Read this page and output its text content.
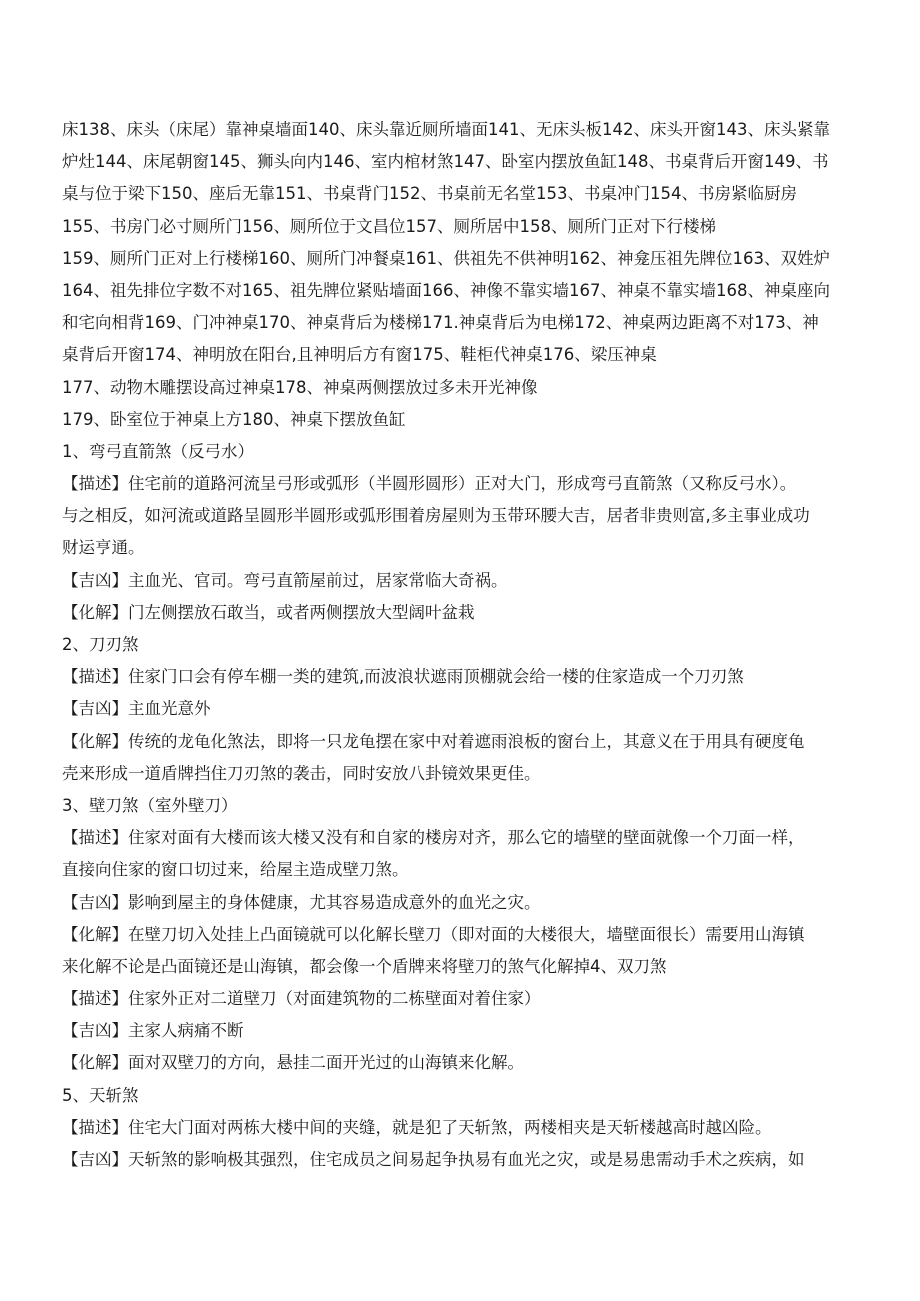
床138、床头（床尾）靠神桌墙面140、床头靠近厕所墙面141、无床头板142、床头开窗143、床头紧靠
炉灶144、床尾朝窗145、狮头向内146、室内棺材煞147、卧室内摆放鱼缸148、书桌背后开窗149、书
桌与位于梁下150、座后无靠151、书桌背门152、书桌前无名堂153、书桌冲门154、书房紧临厨房
155、书房门必寸厕所门156、厕所位于文昌位157、厕所居中158、厕所门正对下行楼梯
159、厕所门正对上行楼梯160、厕所门冲餐桌161、供祖先不供神明162、神龛压祖先牌位163、双姓炉
164、祖先排位字数不对165、祖先牌位紧贴墙面166、神像不靠实墙167、神桌不靠实墙168、神桌座向
和宅向相背169、门冲神桌170、神桌背后为楼梯171.神桌背后为电梯172、神桌两边距离不对173、神
桌背后开窗174、神明放在阳台,且神明后方有窗175、鞋柜代神桌176、梁压神桌
177、动物木雕摆设高过神桌178、神桌两侧摆放过多未开光神像
179、卧室位于神桌上方180、神桌下摆放鱼缸
1、弯弓直箭煞（反弓水）
【描述】住宅前的道路河流呈弓形或弧形（半圆形圆形）正对大门，形成弯弓直箭煞（又称反弓水）。
与之相反，如河流或道路呈圆形半圆形或弧形围着房屋则为玉带环腰大吉，居者非贵则富,多主事业成功
财运亨通。
【吉凶】主血光、官司。弯弓直箭屋前过，居家常临大奇祸。
【化解】门左侧摆放石敢当，或者两侧摆放大型阔叶盆栽
2、刀刃煞
【描述】住家门口会有停车棚一类的建筑,而波浪状遮雨顶棚就会给一楼的住家造成一个刀刃煞
【吉凶】主血光意外
【化解】传统的龙龟化煞法，即将一只龙龟摆在家中对着遮雨浪板的窗台上，其意义在于用具有硬度龟
壳来形成一道盾牌挡住刀刃煞的袭击，同时安放八卦镜效果更佳。
3、壁刀煞（室外壁刀）
【描述】住家对面有大楼而该大楼又没有和自家的楼房对齐，那么它的墙壁的壁面就像一个刀面一样，
直接向住家的窗口切过来，给屋主造成壁刀煞。
【吉凶】影响到屋主的身体健康，尤其容易造成意外的血光之灾。
【化解】在壁刀切入处挂上凸面镜就可以化解长壁刀（即对面的大楼很大，墙壁面很长）需要用山海镇
来化解不论是凸面镜还是山海镇，都会像一个盾牌来将壁刀的煞气化解掉4、双刀煞
【描述】住家外正对二道壁刀（对面建筑物的二栋壁面对着住家）
【吉凶】主家人病痛不断
【化解】面对双壁刀的方向，悬挂二面开光过的山海镇来化解。
5、天斩煞
【描述】住宅大门面对两栋大楼中间的夹缝，就是犯了天斩煞，两楼相夹是天斩楼越高时越凶险。
【吉凶】天斩煞的影响极其强烈，住宅成员之间易起争执易有血光之灾，或是易患需动手术之疾病，如
